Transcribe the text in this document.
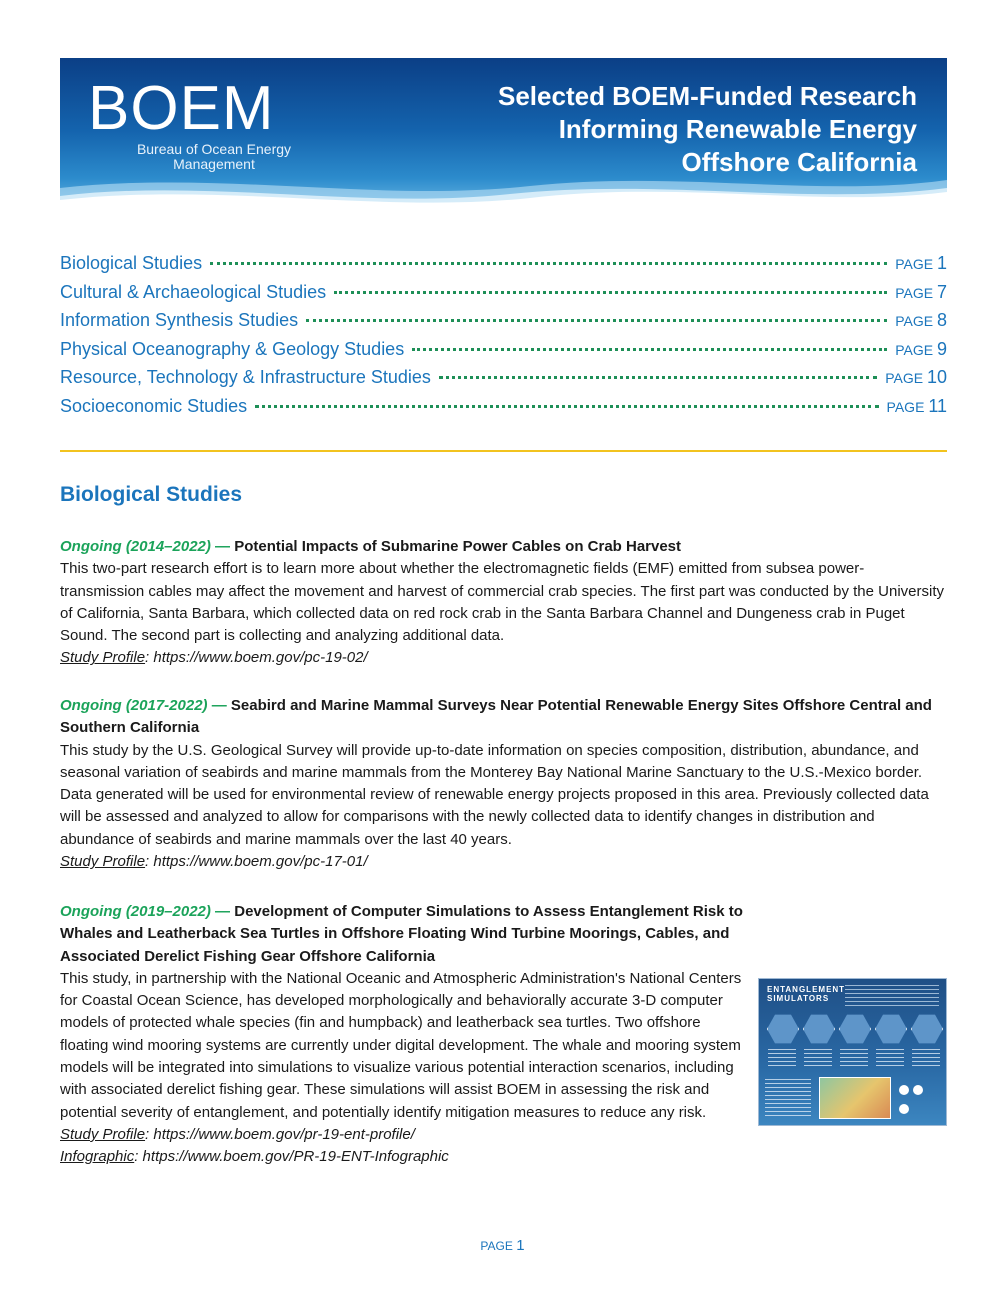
BOEM
Bureau of Ocean Energy
Management
Selected BOEM-Funded Research
Informing Renewable Energy
Offshore California
Biological Studies	PAGE 1
Cultural & Archaeological Studies	PAGE 7
Information Synthesis Studies	PAGE 8
Physical Oceanography & Geology Studies	PAGE 9
Resource, Technology & Infrastructure Studies	PAGE 10
Socioeconomic Studies	PAGE 11
Biological Studies
Ongoing (2014–2022) — Potential Impacts of Submarine Power Cables on Crab Harvest
This two-part research effort is to learn more about whether the electromagnetic fields (EMF) emitted from subsea power-transmission cables may affect the movement and harvest of commercial crab species. The first part was conducted by the University of California, Santa Barbara, which collected data on red rock crab in the Santa Barbara Channel and Dungeness crab in Puget Sound. The second part is collecting and analyzing additional data.
Study Profile: https://www.boem.gov/pc-19-02/
Ongoing (2017-2022) — Seabird and Marine Mammal Surveys Near Potential Renewable Energy Sites Offshore Central and Southern California
This study by the U.S. Geological Survey will provide up-to-date information on species composition, distribution, abundance, and seasonal variation of seabirds and marine mammals from the Monterey Bay National Marine Sanctuary to the U.S.-Mexico border. Data generated will be used for environmental review of renewable energy projects proposed in this area. Previously collected data will be assessed and analyzed to allow for comparisons with the newly collected data to identify changes in distribution and abundance of seabirds and marine mammals over the last 40 years.
Study Profile: https://www.boem.gov/pc-17-01/
Ongoing (2019–2022) — Development of Computer Simulations to Assess Entanglement Risk to Whales and Leatherback Sea Turtles in Offshore Floating Wind Turbine Moorings, Cables, and Associated Derelict Fishing Gear Offshore California
This study, in partnership with the National Oceanic and Atmospheric Administration's National Centers for Coastal Ocean Science, has developed morphologically and behaviorally accurate 3-D computer models of protected whale species (fin and humpback) and leatherback sea turtles. Two offshore floating wind mooring systems are currently under digital development. The whale and mooring system models will be integrated into simulations to visualize various potential interaction scenarios, including with associated derelict fishing gear. These simulations will assist BOEM in assessing the risk and potential severity of entanglement, and potentially identify mitigation measures to reduce any risk.
Study Profile: https://www.boem.gov/pr-19-ent-profile/
Infographic: https://www.boem.gov/PR-19-ENT-Infographic
ENTANGLEMENT
SIMULATORS
PAGE 1
